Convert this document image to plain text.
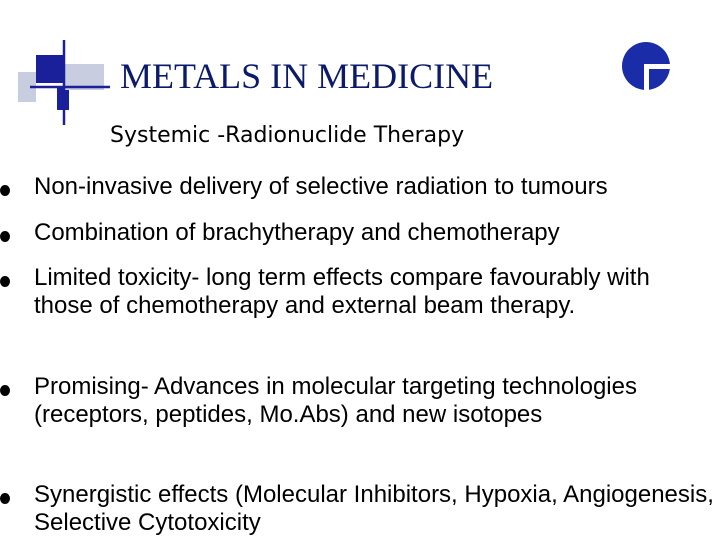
METALS IN MEDICINE
Systemic -Radionuclide Therapy
Non-invasive delivery of selective radiation to tumours
Combination of brachytherapy and chemotherapy
Limited toxicity- long term effects compare favourably with those of chemotherapy and external beam therapy.
Promising- Advances in molecular targeting technologies (receptors, peptides, Mo.Abs) and new isotopes
Synergistic effects (Molecular Inhibitors, Hypoxia, Angiogenesis, Selective Cytotoxicity
